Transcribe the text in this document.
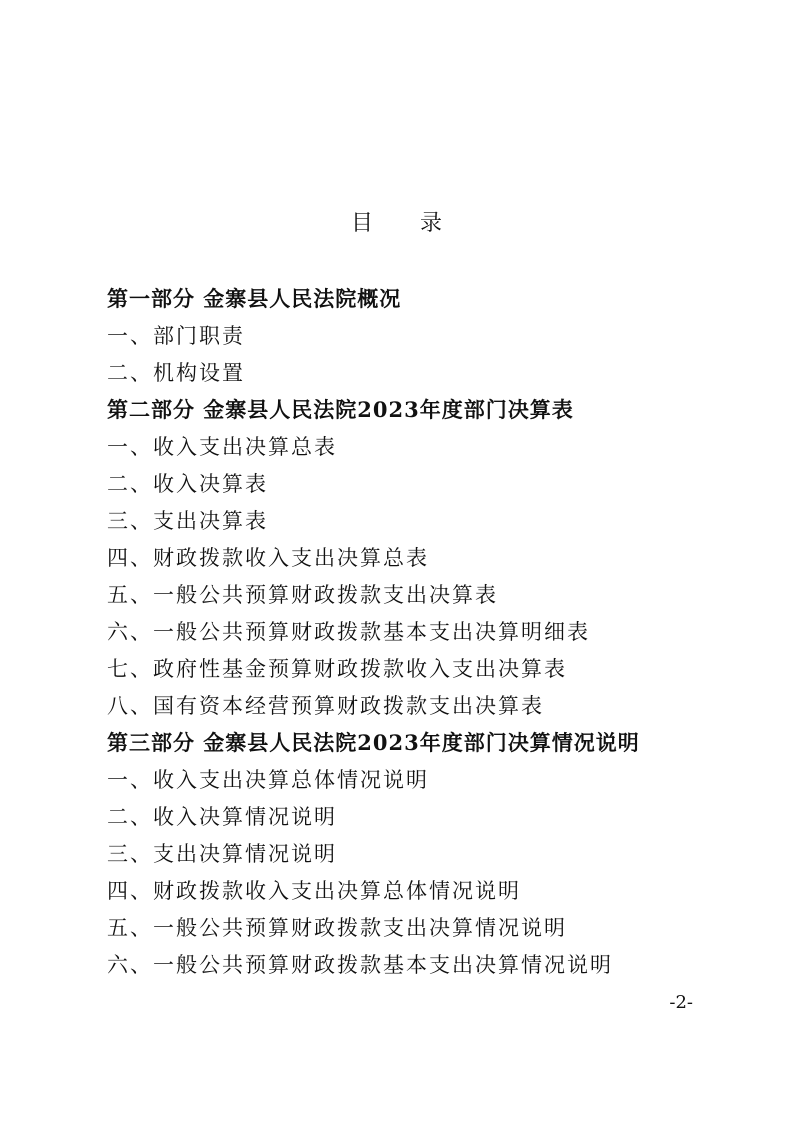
目 录
第一部分 金寨县人民法院概况
一、部门职责
二、机构设置
第二部分 金寨县人民法院2023年度部门决算表
一、收入支出决算总表
二、收入决算表
三、支出决算表
四、财政拨款收入支出决算总表
五、一般公共预算财政拨款支出决算表
六、一般公共预算财政拨款基本支出决算明细表
七、政府性基金预算财政拨款收入支出决算表
八、国有资本经营预算财政拨款支出决算表
第三部分 金寨县人民法院2023年度部门决算情况说明
一、收入支出决算总体情况说明
二、收入决算情况说明
三、支出决算情况说明
四、财政拨款收入支出决算总体情况说明
五、一般公共预算财政拨款支出决算情况说明
六、一般公共预算财政拨款基本支出决算情况说明
-2-
